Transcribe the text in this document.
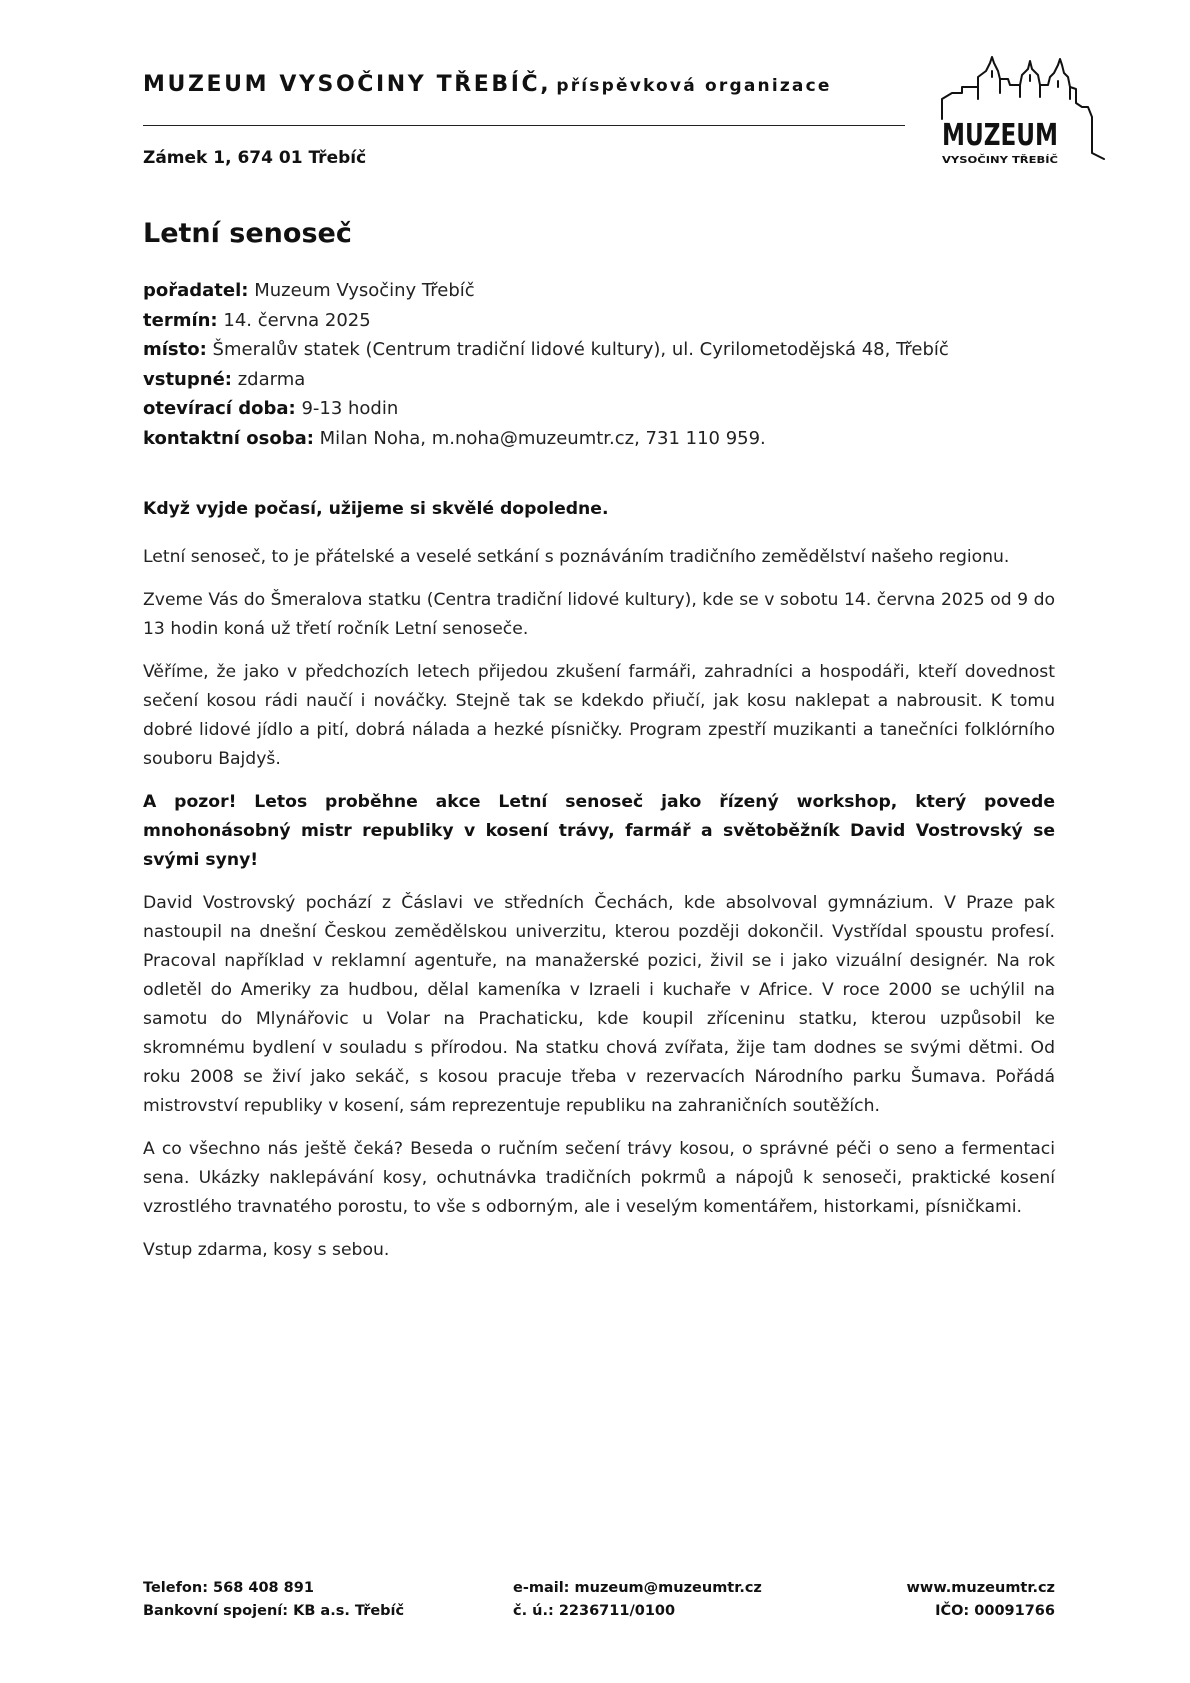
MUZEUM VYSOČINY TŘEBÍČ, příspěvková organizace
Zámek 1, 674 01 Třebíč
MUZEUM
VYSOČINY TŘEBÍČ
Letní senoseč
pořadatel: Muzeum Vysočiny Třebíč
termín: 14. června 2025
místo: Šmeralův statek (Centrum tradiční lidové kultury), ul. Cyrilometodějská 48, Třebíč
vstupné: zdarma
otevírací doba: 9-13 hodin
kontaktní osoba: Milan Noha, m.noha@muzeumtr.cz, 731 110 959.

Když vyjde počasí, užijeme si skvělé dopoledne.

Letní senoseč, to je přátelské a veselé setkání s poznáváním tradičního zemědělství našeho regionu.

Zveme Vás do Šmeralova statku (Centra tradiční lidové kultury), kde se v sobotu 14. června 2025 od 9 do 13 hodin koná už třetí ročník Letní senoseče.

Věříme, že jako v předchozích letech přijedou zkušení farmáři, zahradníci a hospodáři, kteří dovednost sečení kosou rádi naučí i nováčky. Stejně tak se kdekdo přiučí, jak kosu naklepat a nabrousit. K tomu dobré lidové jídlo a pití, dobrá nálada a hezké písničky. Program zpestří muzikanti a tanečníci folklórního souboru Bajdyš.

A pozor! Letos proběhne akce Letní senoseč jako řízený workshop, který povede mnohonásobný mistr republiky v kosení trávy, farmář a světoběžník David Vostrovský se svými syny!

David Vostrovský pochází z Čáslavi ve středních Čechách, kde absolvoval gymnázium. V Praze pak nastoupil na dnešní Českou zemědělskou univerzitu, kterou později dokončil. Vystřídal spoustu profesí. Pracoval například v reklamní agentuře, na manažerské pozici, živil se i jako vizuální designér. Na rok odletěl do Ameriky za hudbou, dělal kameníka v Izraeli i kuchaře v Africe. V roce 2000 se uchýlil na samotu do Mlynářovic u Volar na Prachaticku, kde koupil zříceninu statku, kterou uzpůsobil ke skromnému bydlení v souladu s přírodou. Na statku chová zvířata, žije tam dodnes se svými dětmi. Od roku 2008 se živí jako sekáč, s kosou pracuje třeba v rezervacích Národního parku Šumava. Pořádá mistrovství republiky v kosení, sám reprezentuje republiku na zahraničních soutěžích.

A co všechno nás ještě čeká? Beseda o ručním sečení trávy kosou, o správné péči o seno a fermentaci sena. Ukázky naklepávání kosy, ochutnávka tradičních pokrmů a nápojů k senoseči, praktické kosení vzrostlého travnatého porostu, to vše s odborným, ale i veselým komentářem, historkami, písničkami.

Vstup zdarma, kosy s sebou.

Telefon: 568 408 891
Bankovní spojení: KB a.s. Třebíč
e-mail: muzeum@muzeumtr.cz
č. ú.: 2236711/0100
www.muzeumtr.cz
IČO: 00091766
